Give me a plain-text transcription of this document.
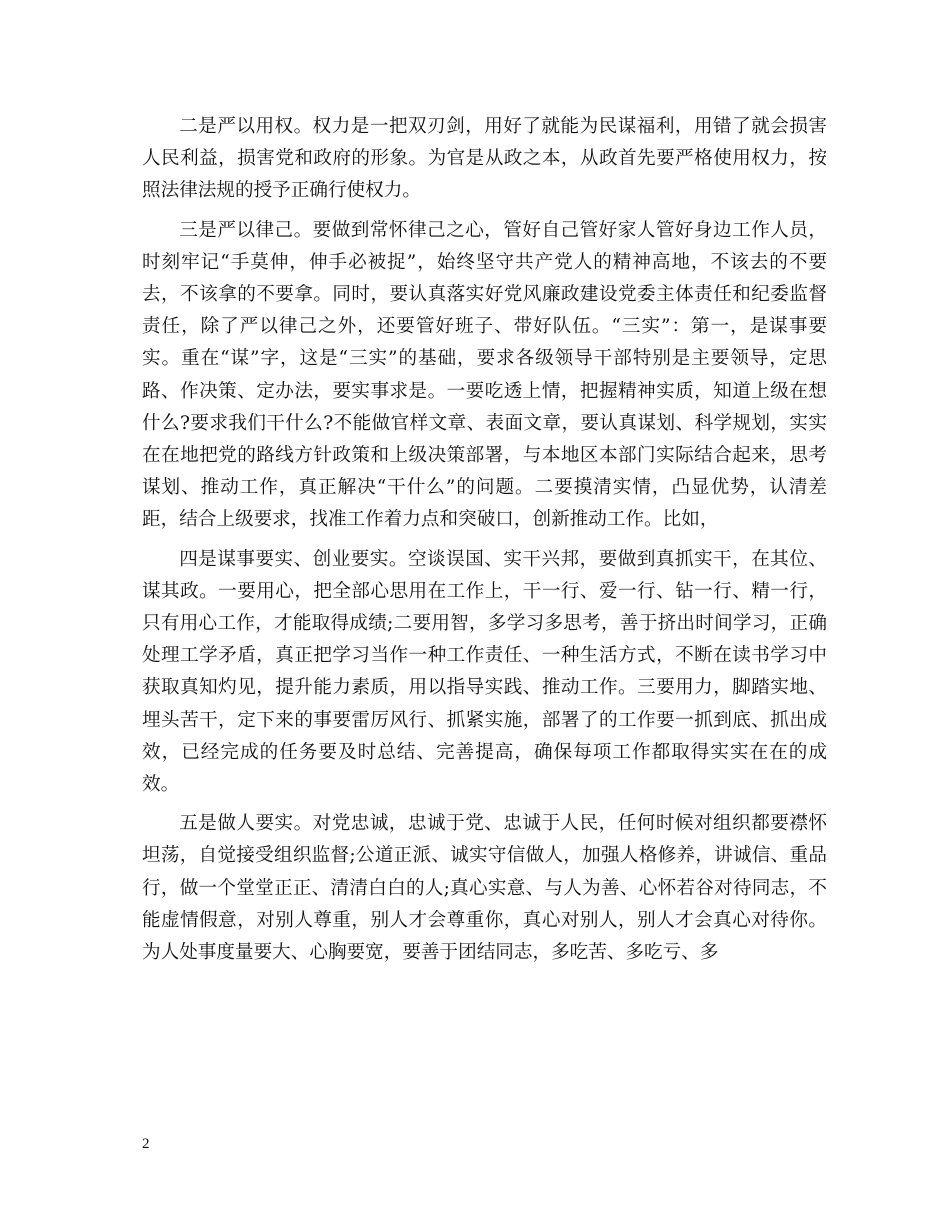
二是严以用权。权力是一把双刃剑，用好了就能为民谋福利，用错了就会损害人民利益，损害党和政府的形象。为官是从政之本，从政首先要严格使用权力，按照法律法规的授予正确行使权力。

三是严以律己。要做到常怀律己之心，管好自己管好家人管好身边工作人员，时刻牢记“手莫伸，伸手必被捉”，始终坚守共产党人的精神高地，不该去的不要去，不该拿的不要拿。同时，要认真落实好党风廉政建设党委主体责任和纪委监督责任，除了严以律己之外，还要管好班子、带好队伍。“三实”：第一，是谋事要实。重在“谋”字，这是“三实”的基础，要求各级领导干部特别是主要领导，定思路、作决策、定办法，要实事求是。一要吃透上情，把握精神实质，知道上级在想什么?要求我们干什么?不能做官样文章、表面文章，要认真谋划、科学规划，实实在在地把党的路线方针政策和上级决策部署，与本地区本部门实际结合起来，思考谋划、推动工作，真正解决“干什么”的问题。二要摸清实情，凸显优势，认清差距，结合上级要求，找准工作着力点和突破口，创新推动工作。比如，

四是谋事要实、创业要实。空谈误国、实干兴邦，要做到真抓实干，在其位、谋其政。一要用心，把全部心思用在工作上，干一行、爱一行、钻一行、精一行，只有用心工作，才能取得成绩;二要用智，多学习多思考，善于挤出时间学习，正确处理工学矛盾，真正把学习当作一种工作责任、一种生活方式，不断在读书学习中获取真知灼见，提升能力素质，用以指导实践、推动工作。三要用力，脚踏实地、埋头苦干，定下来的事要雷厉风行、抓紧实施，部署了的工作要一抓到底、抓出成效，已经完成的任务要及时总结、完善提高，确保每项工作都取得实实在在的成效。

五是做人要实。对党忠诚，忠诚于党、忠诚于人民，任何时候对组织都要襟怀坦荡，自觉接受组织监督;公道正派、诚实守信做人，加强人格修养，讲诚信、重品行，做一个堂堂正正、清清白白的人;真心实意、与人为善、心怀若谷对待同志，不能虚情假意，对别人尊重，别人才会尊重你，真心对别人，别人才会真心对待你。为人处事度量要大、心胸要宽，要善于团结同志，多吃苦、多吃亏、多

2
